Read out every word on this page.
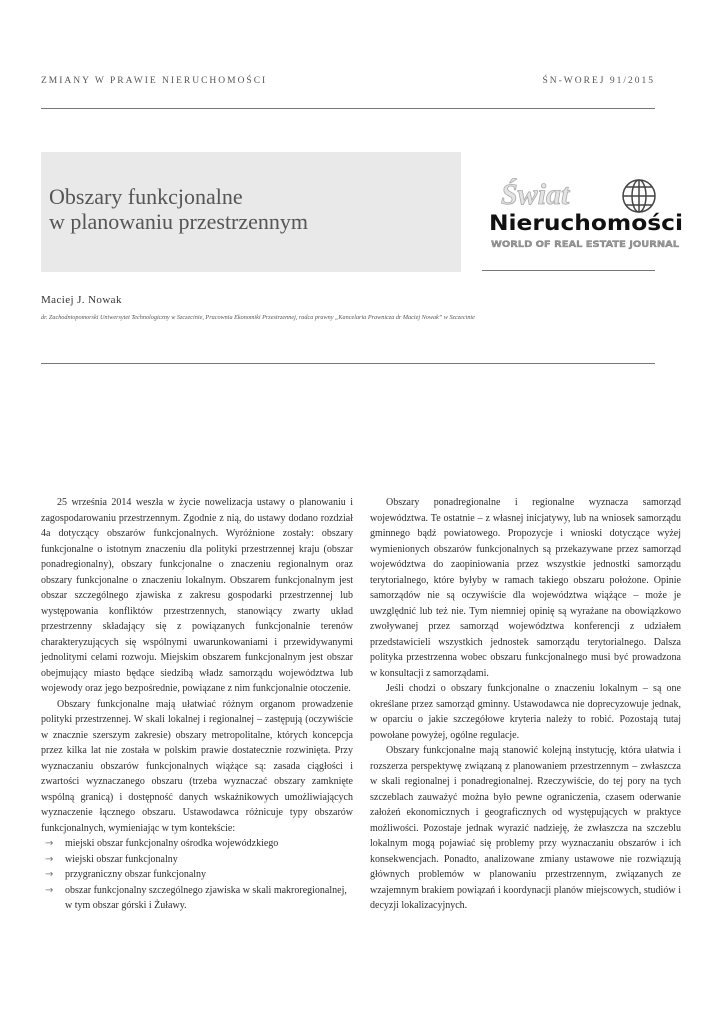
ZMIANY W PRAWIE NIERUCHOMOŚCI	ŚN-WOREJ 91/2015
Obszary funkcjonalne
w planowaniu przestrzennym
Świat
Nieruchomości
WORLD OF REAL ESTATE JOURNAL
Maciej J. Nowak
dr. Zachodniopomorski Uniwersytet Technologiczny w Szczecinie, Pracownia Ekonomiki Przestrzennej, radca prawny „Kancelaria Prawnicza dr Maciej Nowak” w Szczecinie

25 września 2014 weszła w życie nowelizacja ustawy o planowaniu i zagospodarowaniu przestrzennym. Zgodnie z nią, do ustawy dodano rozdział 4a dotyczący obszarów funkcjonalnych. Wyróżnione zostały: obszary funkcjonalne o istotnym znaczeniu dla polityki przestrzennej kraju (obszar ponadregionalny), obszary funkcjonalne o znaczeniu regionalnym oraz obszary funkcjonalne o znaczeniu lokalnym. Obszarem funkcjonalnym jest obszar szczególnego zjawiska z zakresu gospodarki przestrzennej lub występowania konfliktów przestrzennych, stanowiący zwarty układ przestrzenny składający się z powiązanych funkcjonalnie terenów charakteryzujących się wspólnymi uwarunkowaniami i przewidywanymi jednolitymi celami rozwoju. Miejskim obszarem funkcjonalnym jest obszar obejmujący miasto będące siedzibą władz samorządu województwa lub wojewody oraz jego bezpośrednie, powiązane z nim funkcjonalnie otoczenie.

Obszary funkcjonalne mają ułatwiać różnym organom prowadzenie polityki przestrzennej. W skali lokalnej i regionalnej – zastępują (oczywiście w znacznie szerszym zakresie) obszary metropolitalne, których koncepcja przez kilka lat nie została w polskim prawie dostatecznie rozwinięta. Przy wyznaczaniu obszarów funkcjonalnych wiążące są: zasada ciągłości i zwartości wyznaczanego obszaru (trzeba wyznaczać obszary zamknięte wspólną granicą) i dostępność danych wskaźnikowych umożliwiających wyznaczenie łącznego obszaru. Ustawodawca różnicuje typy obszarów funkcjonalnych, wymieniając w tym kontekście:

→ miejski obszar funkcjonalny ośrodka wojewódzkiego
→ wiejski obszar funkcjonalny
→ przygraniczny obszar funkcjonalny
→ obszar funkcjonalny szczególnego zjawiska w skali makroregionalnej, w tym obszar górski i Żuławy.

Obszary ponadregionalne i regionalne wyznacza samorząd województwa. Te ostatnie – z własnej inicjatywy, lub na wniosek samorządu gminnego bądź powiatowego. Propozycje i wnioski dotyczące wyżej wymienionych obszarów funkcjonalnych są przekazywane przez samorząd województwa do zaopiniowania przez wszystkie jednostki samorządu terytorialnego, które byłyby w ramach takiego obszaru położone. Opinie samorządów nie są oczywiście dla województwa wiążące – może je uwzględnić lub też nie. Tym niemniej opinię są wyrażane na obowiązkowo zwoływanej przez samorząd województwa konferencji z udziałem przedstawicieli wszystkich jednostek samorządu terytorialnego. Dalsza polityka przestrzenna wobec obszaru funkcjonalnego musi być prowadzona w konsultacji z samorządami.

Jeśli chodzi o obszary funkcjonalne o znaczeniu lokalnym – są one określane przez samorząd gminny. Ustawodawca nie doprecyzowuje jednak, w oparciu o jakie szczegółowe kryteria należy to robić. Pozostają tutaj powołane powyżej, ogólne regulacje.

Obszary funkcjonalne mają stanowić kolejną instytucję, która ułatwia i rozszerza perspektywę związaną z planowaniem przestrzennym – zwłaszcza w skali regionalnej i ponadregionalnej. Rzeczywiście, do tej pory na tych szczeblach zauważyć można było pewne ograniczenia, czasem oderwanie założeń ekonomicznych i geograficznych od występujących w praktyce możliwości. Pozostaje jednak wyrazić nadzieję, że zwłaszcza na szczeblu lokalnym mogą pojawiać się problemy przy wyznaczaniu obszarów i ich konsekwencjach. Ponadto, analizowane zmiany ustawowe nie rozwiązują głównych problemów w planowaniu przestrzennym, związanych ze wzajemnym brakiem powiązań i koordynacji planów miejscowych, studiów i decyzji lokalizacyjnych.
